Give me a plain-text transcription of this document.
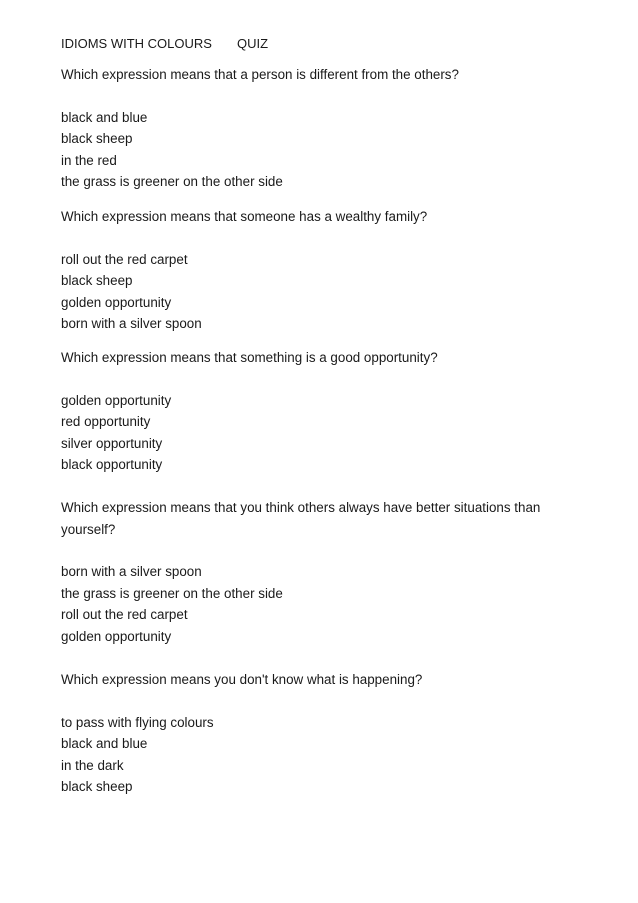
IDIOMS WITH COLOURS QUIZ

Which expression means that a person is different from the others?

black and blue
black sheep
in the red
the grass is greener on the other side

Which expression means that someone has a wealthy family?

roll out the red carpet
black sheep
golden opportunity
born with a silver spoon

Which expression means that something is a good opportunity?

golden opportunity
red opportunity
silver opportunity
black opportunity

Which expression means that you think others always have better situations than yourself?

born with a silver spoon
the grass is greener on the other side
roll out the red carpet
golden opportunity

Which expression means you don't know what is happening?

to pass with flying colours
black and blue
in the dark
black sheep
